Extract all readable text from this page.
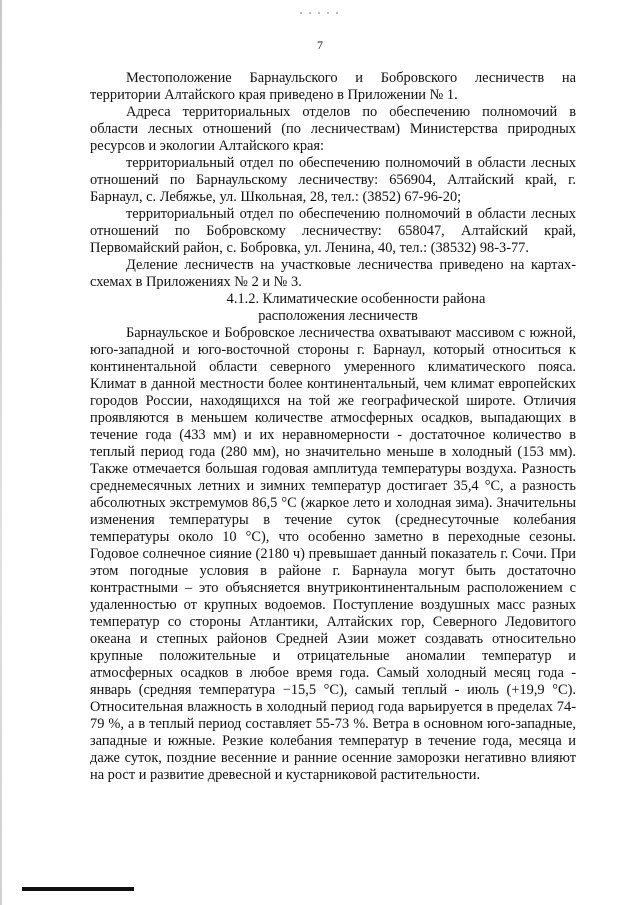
7

Местоположение Барнаульского и Бобровского лесничеств на территории Алтайского края приведено в Приложении № 1.

Адреса территориальных отделов по обеспечению полномочий в области лесных отношений (по лесничествам) Министерства природных ресурсов и экологии Алтайского края:

территориальный отдел по обеспечению полномочий в области лесных отношений по Барнаульскому лесничеству: 656904, Алтайский край, г. Барнаул, с. Лебяжье, ул. Школьная, 28, тел.: (3852) 67-96-20;

территориальный отдел по обеспечению полномочий в области лесных отношений по Бобровскому лесничеству: 658047, Алтайский край, Первомайский район, с. Бобровка, ул. Ленина, 40, тел.: (38532) 98-3-77.

Деление лесничеств на участковые лесничества приведено на картах-схемах в Приложениях № 2 и № 3.

4.1.2. Климатические особенности района расположения лесничеств

Барнаульское и Бобровское лесничества охватывают массивом с южной, юго-западной и юго-восточной стороны г. Барнаул, который относиться к континентальной области северного умеренного климатического пояса. Климат в данной местности более континентальный, чем климат европейских городов России, находящихся на той же географической широте. Отличия проявляются в меньшем количестве атмосферных осадков, выпадающих в течение года (433 мм) и их неравномерности - достаточное количество в теплый период года (280 мм), но значительно меньше в холодный (153 мм). Также отмечается большая годовая амплитуда температуры воздуха. Разность среднемесячных летних и зимних температур достигает 35,4 °С, а разность абсолютных экстремумов 86,5 °С (жаркое лето и холодная зима). Значительны изменения температуры в течение суток (среднесуточные колебания температуры около 10 °С), что особенно заметно в переходные сезоны. Годовое солнечное сияние (2180 ч) превышает данный показатель г. Сочи. При этом погодные условия в районе г. Барнаула могут быть достаточно контрастными – это объясняется внутриконтинентальным расположением с удаленностью от крупных водоемов. Поступление воздушных масс разных температур со стороны Атлантики, Алтайских гор, Северного Ледовитого океана и степных районов Средней Азии может создавать относительно крупные положительные и отрицательные аномалии температур и атмосферных осадков в любое время года. Самый холодный месяц года - январь (средняя температура −15,5 °С), самый теплый - июль (+19,9 °С). Относительная влажность в холодный период года варьируется в пределах 74-79 %, а в теплый период составляет 55-73 %. Ветра в основном юго-западные, западные и южные. Резкие колебания температур в течение года, месяца и даже суток, поздние весенние и ранние осенние заморозки негативно влияют на рост и развитие древесной и кустарниковой растительности.
